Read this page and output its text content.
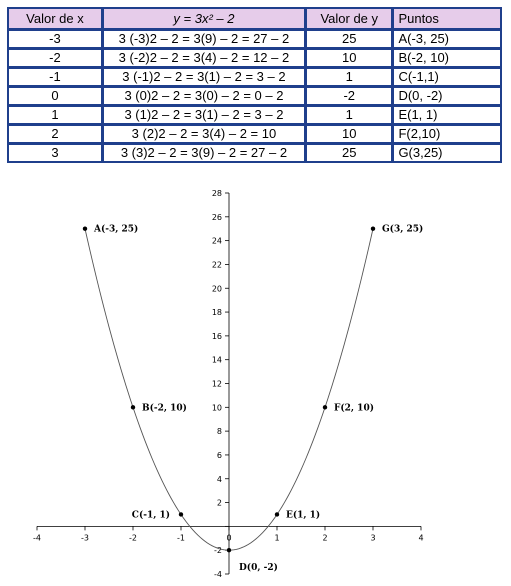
Valor de x	y = 3x² – 2	Valor de y	Puntos
-3	3 (-3)2 – 2 = 3(9) – 2 = 27 – 2	25	A(-3, 25)
-2	3 (-2)2 – 2 = 3(4) – 2 = 12 – 2	10	B(-2, 10)
-1	3 (-1)2 – 2 = 3(1) – 2 = 3 – 2	1	C(-1,1)
0	3 (0)2 – 2 = 3(0) – 2 = 0 – 2	-2	D(0, -2)
1	3 (1)2 – 2 = 3(1) – 2 = 3 – 2	1	E(1, 1)
2	3 (2)2 – 2 = 3(4) – 2 = 10	10	F(2,10)
3	3 (3)2 – 2 = 3(9) – 2 = 27 – 2	25	G(3,25)
-4	-3	-2	-1	0	1	2	3	4
-4
-2
2
4
6
8
10
12
14
16
18
20
22
24
26
28
A(-3, 25)
B(-2, 10)
C(-1, 1)
D(0, -2)
E(1, 1)
F(2, 10)
G(3, 25)
